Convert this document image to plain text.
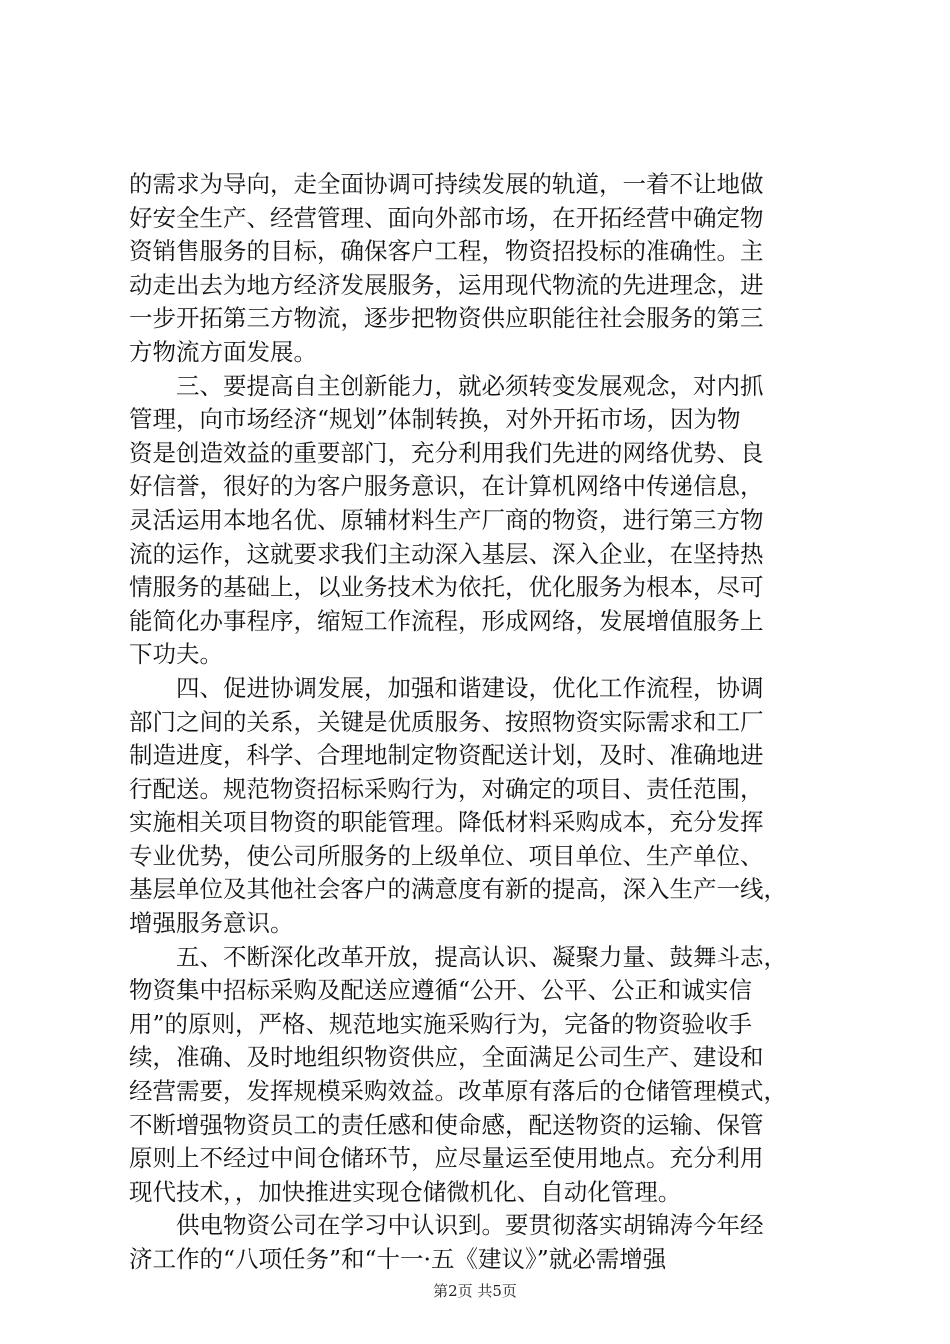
的需求为导向，走全面协调可持续发展的轨道，一着不让地做
好安全生产、经营管理、面向外部市场，在开拓经营中确定物
资销售服务的目标，确保客户工程，物资招投标的准确性。主
动走出去为地方经济发展服务，运用现代物流的先进理念，进
一步开拓第三方物流，逐步把物资供应职能往社会服务的第三
方物流方面发展。
　　三、要提高自主创新能力，就必须转变发展观念，对内抓
管理，向市场经济“规划”体制转换，对外开拓市场，因为物
资是创造效益的重要部门，充分利用我们先进的网络优势、良
好信誉，很好的为客户服务意识，在计算机网络中传递信息，
灵活运用本地名优、原辅材料生产厂商的物资，进行第三方物
流的运作，这就要求我们主动深入基层、深入企业，在坚持热
情服务的基础上，以业务技术为依托，优化服务为根本，尽可
能简化办事程序，缩短工作流程，形成网络，发展增值服务上
下功夫。
　　四、促进协调发展，加强和谐建设，优化工作流程，协调
部门之间的关系，关键是优质服务、按照物资实际需求和工厂
制造进度，科学、合理地制定物资配送计划，及时、准确地进
行配送。规范物资招标采购行为，对确定的项目、责任范围，
实施相关项目物资的职能管理。降低材料采购成本，充分发挥
专业优势，使公司所服务的上级单位、项目单位、生产单位、
基层单位及其他社会客户的满意度有新的提高，深入生产一线，
增强服务意识。
　　五、不断深化改革开放，提高认识、凝聚力量、鼓舞斗志，
物资集中招标采购及配送应遵循“公开、公平、公正和诚实信
用”的原则，严格、规范地实施采购行为，完备的物资验收手
续，准确、及时地组织物资供应，全面满足公司生产、建设和
经营需要，发挥规模采购效益。改革原有落后的仓储管理模式，
不断增强物资员工的责任感和使命感，配送物资的运输、保管
原则上不经过中间仓储环节，应尽量运至使用地点。充分利用
现代技术，，加快推进实现仓储微机化、自动化管理。
　　供电物资公司在学习中认识到。要贯彻落实胡锦涛今年经
济工作的“八项任务”和“十一·五《建议》”就必需增强
第2页 共5页
